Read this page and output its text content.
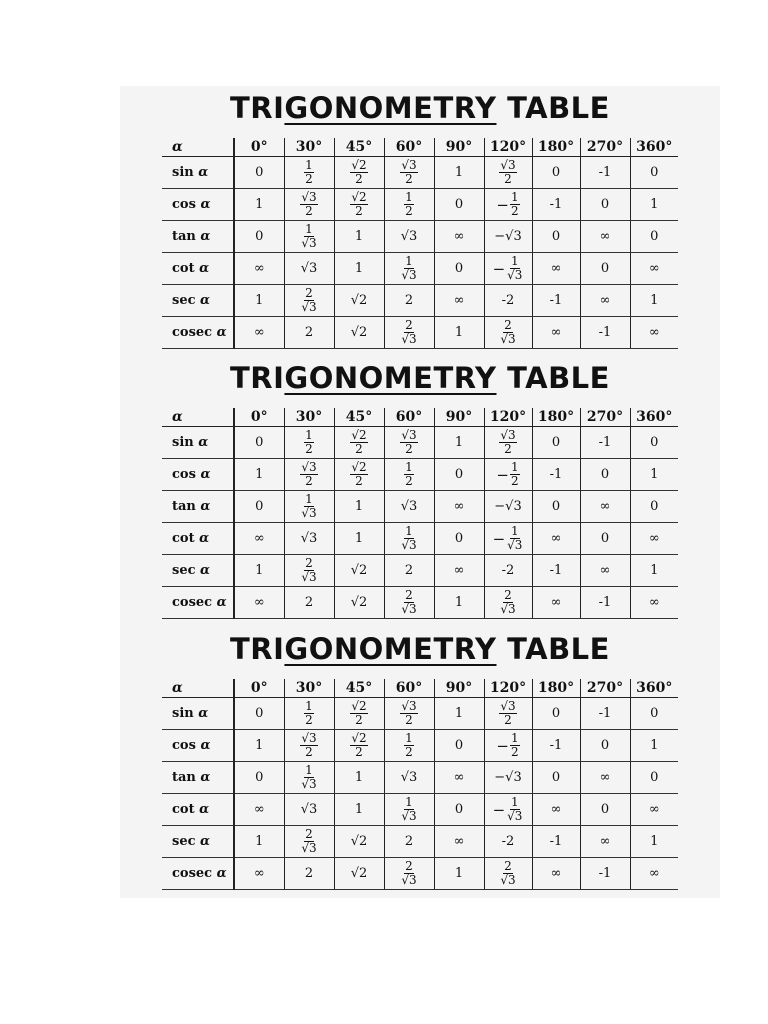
TRIGONOMETRY TABLE
α	0°	30°	45°	60°	90°	120°	180°	270°	360°
sin α	0	$\frac{1}{2}$	$\frac{√2}{2}$	$\frac{√3}{2}$	1	$\frac{√3}{2}$	0	-1	0
cos α	1	$\frac{√3}{2}$	$\frac{√2}{2}$	$\frac{1}{2}$	0	− $\frac{1}{2}$	-1	0	1
tan α	0	$\frac{1}{√3}$	1	√3	∞	−√3	0	∞	0
cot α	∞	√3	1	$\frac{1}{√3}$	0	− $\frac{1}{√3}$	∞	0	∞
sec α	1	$\frac{2}{√3}$	√2	2	∞	-2	-1	∞	1
cosec α	∞	2	√2	$\frac{2}{√3}$	1	$\frac{2}{√3}$	∞	-1	∞
TRIGONOMETRY TABLE
α	0°	30°	45°	60°	90°	120°	180°	270°	360°
sin α	0	$\frac{1}{2}$	$\frac{√2}{2}$	$\frac{√3}{2}$	1	$\frac{√3}{2}$	0	-1	0
cos α	1	$\frac{√3}{2}$	$\frac{√2}{2}$	$\frac{1}{2}$	0	− $\frac{1}{2}$	-1	0	1
tan α	0	$\frac{1}{√3}$	1	√3	∞	−√3	0	∞	0
cot α	∞	√3	1	$\frac{1}{√3}$	0	− $\frac{1}{√3}$	∞	0	∞
sec α	1	$\frac{2}{√3}$	√2	2	∞	-2	-1	∞	1
cosec α	∞	2	√2	$\frac{2}{√3}$	1	$\frac{2}{√3}$	∞	-1	∞
TRIGONOMETRY TABLE
α	0°	30°	45°	60°	90°	120°	180°	270°	360°
sin α	0	$\frac{1}{2}$	$\frac{√2}{2}$	$\frac{√3}{2}$	1	$\frac{√3}{2}$	0	-1	0
cos α	1	$\frac{√3}{2}$	$\frac{√2}{2}$	$\frac{1}{2}$	0	− $\frac{1}{2}$	-1	0	1
tan α	0	$\frac{1}{√3}$	1	√3	∞	−√3	0	∞	0
cot α	∞	√3	1	$\frac{1}{√3}$	0	− $\frac{1}{√3}$	∞	0	∞
sec α	1	$\frac{2}{√3}$	√2	2	∞	-2	-1	∞	1
cosec α	∞	2	√2	$\frac{2}{√3}$	1	$\frac{2}{√3}$	∞	-1	∞
